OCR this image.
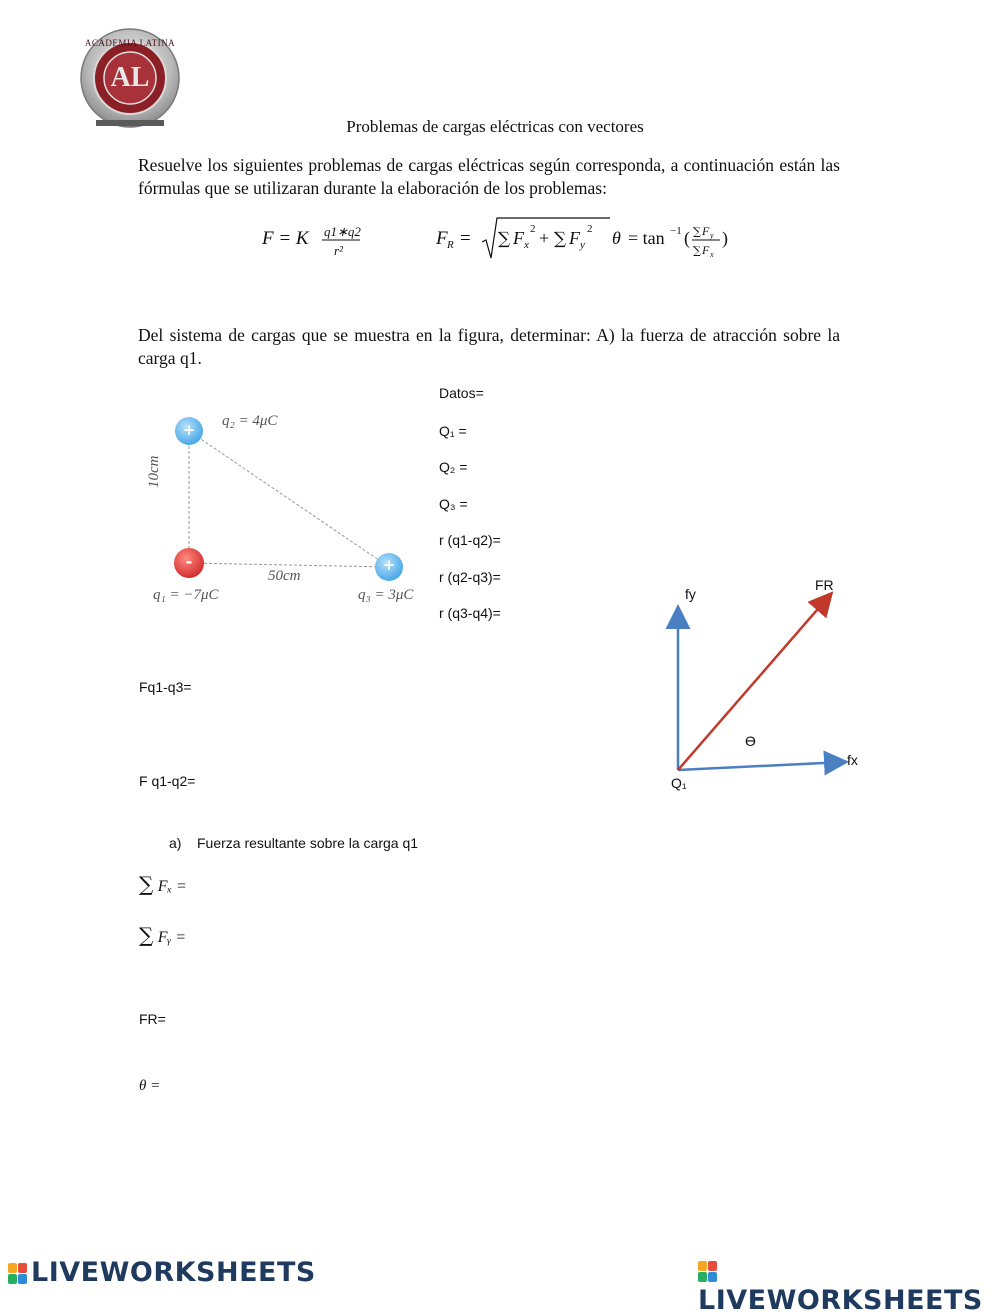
AL
ACADEMIA LATINA
Problemas de cargas eléctricas con vectores
Resuelve los siguientes problemas de cargas eléctricas según corresponda, a continuación están las fórmulas que se utilizaran durante la elaboración de los problemas:
F = K q1∗q2
r²
F R = ∑ F x
2 + ∑ F y
2 θ = tan −1 ( ∑ F y
∑ F x
)
Del sistema de cargas que se muestra en la figura, determinar: A) la fuerza de atracción sobre la carga q1.
+
-	+
q₂ = 4μC
q₁ = −7μC	q₃ = 3μC
50cm
10cm
Datos=
Q₁ =
Q₂ =
Q₃ =
r (q1-q2)=
r (q2-q3)=
r (q3-q4)=
fy
FR
fx
ϴ
Q₁
Fq1-q3=
F q1-q2=
a) Fuerza resultante sobre la carga q1
∑ Fₓ =
∑ Fᵧ =
FR=
θ =
LIVEWORKSHEETS
LIVEWORKSHEETS
